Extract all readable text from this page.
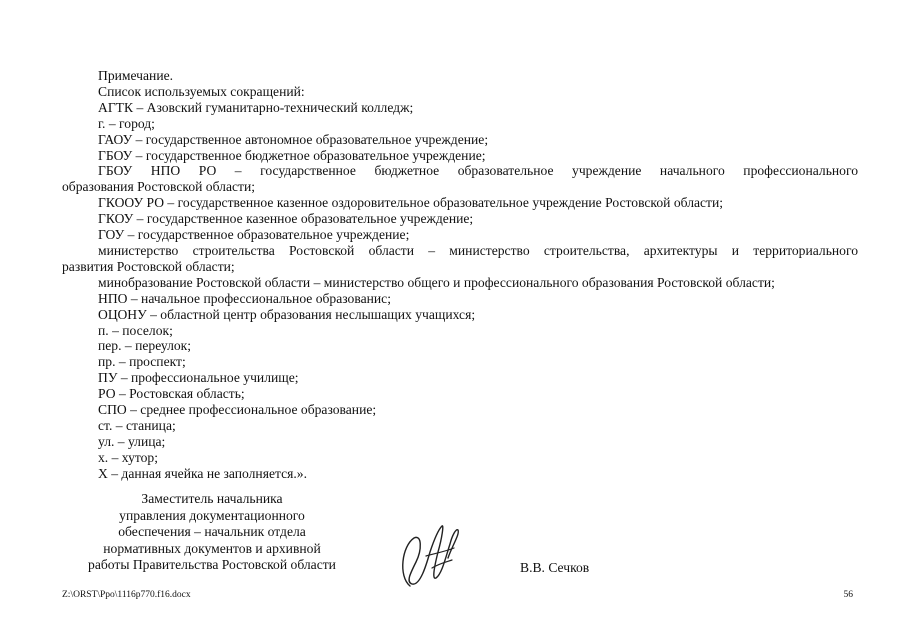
Примечание.
Список используемых сокращений:
АГТК – Азовский гуманитарно-технический колледж;
г. – город;
ГАОУ – государственное автономное образовательное учреждение;
ГБОУ – государственное бюджетное образовательное учреждение;
ГБОУ НПО РО – государственное бюджетное образовательное учреждение начального профессионального
образования Ростовской области;
ГКООУ РО – государственное казенное оздоровительное образовательное учреждение Ростовской области;
ГКОУ – государственное казенное образовательное учреждение;
ГОУ – государственное образовательное учреждение;
министерство строительства Ростовской области – министерство строительства, архитектуры и территориального
развития Ростовской области;
минобразование Ростовской области – министерство общего и профессионального образования Ростовской области;
НПО – начальное профессиональное образованис;
ОЦОНУ – областной центр образования неслышащих учащихся;
п. – поселок;
пер. – переулок;
пр. – проспект;
ПУ – профессиональное училище;
РО – Ростовская область;
СПО – среднее профессиональное образование;
ст. – станица;
ул. – улица;
х. – хутор;
Х – данная ячейка не заполняется.».
Заместитель начальника
управления документационного
обеспечения – начальник отдела
нормативных документов и архивной
работы Правительства Ростовской области	В.В. Сечков
Z:\ORST\Ppo\1116p770.f16.docx	56
